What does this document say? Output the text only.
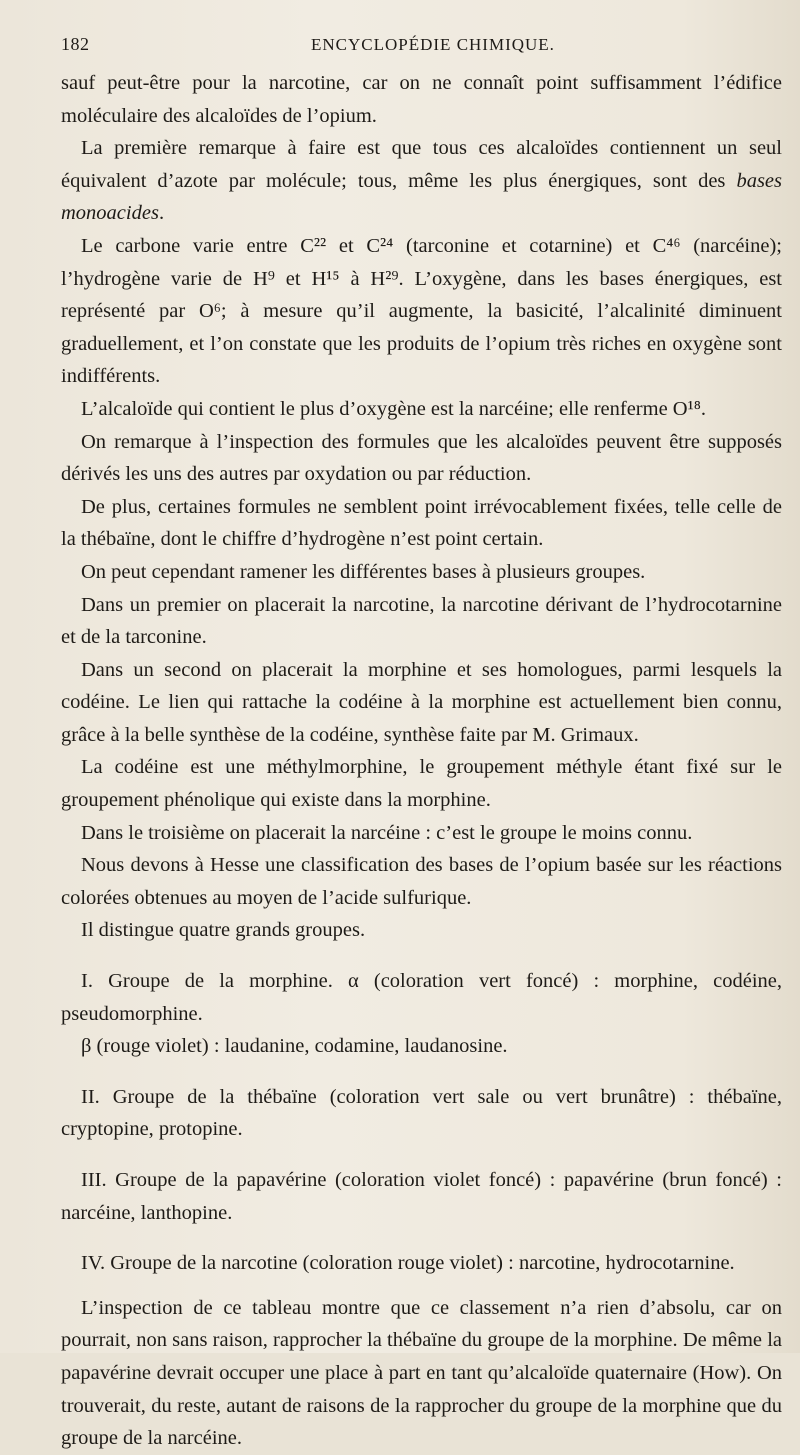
182	ENCYCLOPÉDIE CHIMIQUE.

sauf peut-être pour la narcotine, car on ne connaît point suffisamment l’édifice moléculaire des alcaloïdes de l’opium.

La première remarque à faire est que tous ces alcaloïdes contiennent un seul équivalent d’azote par molécule; tous, même les plus énergiques, sont des bases monoacides.

Le carbone varie entre C²² et C²⁴ (tarconine et cotarnine) et C⁴⁶ (narcéine); l’hydrogène varie de H⁹ et H¹⁵ à H²⁹. L’oxygène, dans les bases énergiques, est représenté par O⁶; à mesure qu’il augmente, la basicité, l’alcalinité diminuent graduellement, et l’on constate que les produits de l’opium très riches en oxygène sont indifférents.

L’alcaloïde qui contient le plus d’oxygène est la narcéine; elle renferme O¹⁸.

On remarque à l’inspection des formules que les alcaloïdes peuvent être supposés dérivés les uns des autres par oxydation ou par réduction.

De plus, certaines formules ne semblent point irrévocablement fixées, telle celle de la thébaïne, dont le chiffre d’hydrogène n’est point certain.

On peut cependant ramener les différentes bases à plusieurs groupes.

Dans un premier on placerait la narcotine, la narcotine dérivant de l’hydrocotarnine et de la tarconine.

Dans un second on placerait la morphine et ses homologues, parmi lesquels la codéine. Le lien qui rattache la codéine à la morphine est actuellement bien connu, grâce à la belle synthèse de la codéine, synthèse faite par M. Grimaux.

La codéine est une méthylmorphine, le groupement méthyle étant fixé sur le groupement phénolique qui existe dans la morphine.

Dans le troisième on placerait la narcéine : c’est le groupe le moins connu.

Nous devons à Hesse une classification des bases de l’opium basée sur les réactions colorées obtenues au moyen de l’acide sulfurique.

Il distingue quatre grands groupes.

I. Groupe de la morphine. α (coloration vert foncé) : morphine, codéine, pseudomorphine.

β (rouge violet) : laudanine, codamine, laudanosine.

II. Groupe de la thébaïne (coloration vert sale ou vert brunâtre) : thébaïne, cryptopine, protopine.

III. Groupe de la papavérine (coloration violet foncé) : papavérine (brun foncé) : narcéine, lanthopine.

IV. Groupe de la narcotine (coloration rouge violet) : narcotine, hydrocotarnine.

L’inspection de ce tableau montre que ce classement n’a rien d’absolu, car on pourrait, non sans raison, rapprocher la thébaïne du groupe de la morphine. De même la papavérine devrait occuper une place à part en tant qu’alcaloïde quaternaire (How). On trouverait, du reste, autant de raisons de la rapprocher du groupe de la morphine que du groupe de la narcéine.
